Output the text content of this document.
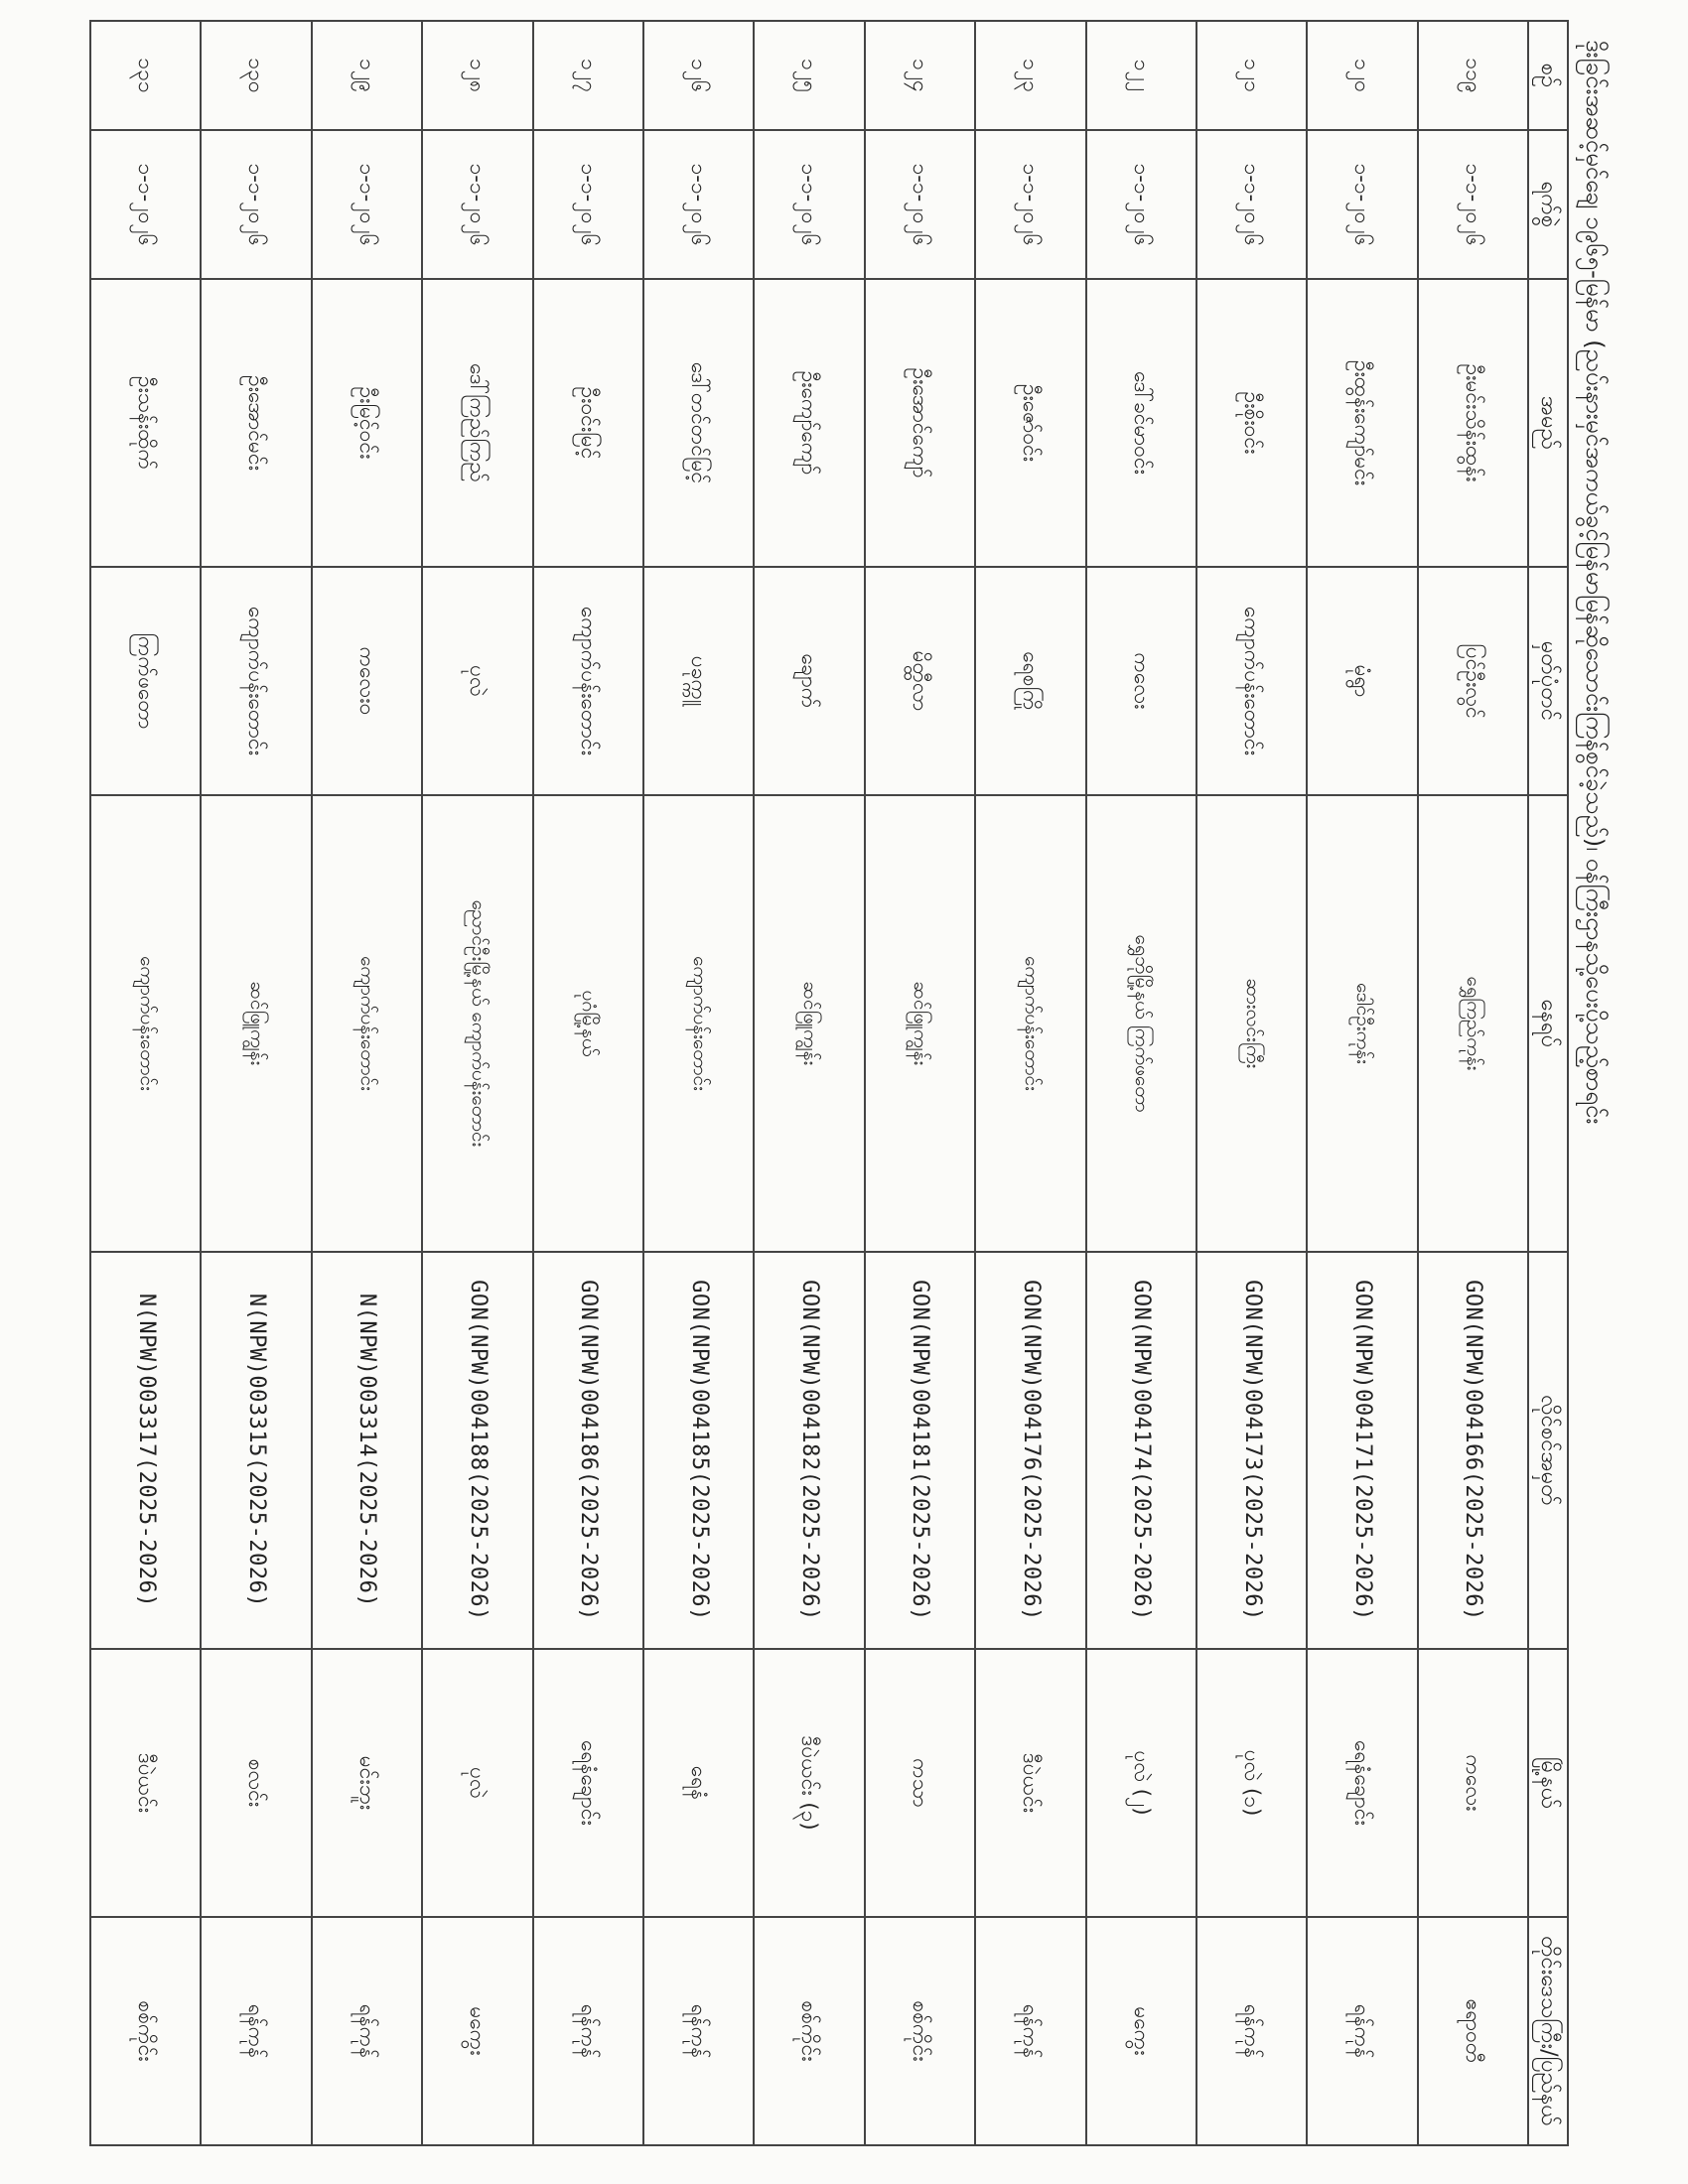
ဒိုးခြင်းအဆင့်မှင်ချေ ၁၉၆၅-မြန်မာ (ညပ်းနားမှင်အကယ်ခွင့်မြန်မာမြန်ဆိုသောင်းကြန်စွင်ခဲ့သည်)၊ ဝန်ကြီးဌာနသို့ပေးပို့သည့်စာရင်း
စဉ်	ရက်စွဲ	အမည်	မှတ်ပုံတင်	နေရပ်	လိုင်စင်အမှတ်	မြို့နယ်	တိုင်းဒေသကြီး/ပြည်နယ်
၁၁၉	၁-၁-၂၀၂၆	ဦးမင်းသိန်းထွန်း	ပြင်ဦးလွင်	ရွှေကြည်ကုန်း	GON(NPW)00416​6(2025-2026)	ကလေး	ဧရာဝတီ
၁၂၀	၁-၁-၂၀၂၆	ဦးထွန်းကျော်မင်း	မုံရွာ	ဒေါင်ဦးကုန်း	GON(NPW)004171(2025-2026)	ရေနံချောင်း	ရန်ကုန်
၁၂၁	၁-၁-၂၀၂၆	ဦးစိုးဝင်း	ကျောက်ပန်းတောင်း	ဆားလင်းကြီး	GON(NPW)004173(2025-2026)	ပုလဲ (၁)	ရန်ကုန်
၁၂၂	၁-၁-၂၀၂၆	ဒေါ်ခင်မာဝင်း	ကလေး	ရွှေဘိုမြို့နယ် ကြက်ဖတော	GON(NPW)004174(2025-2026)	ပုလဲ (၂)	မကွေး
၁၂၃	၁-၁-၂၀၂၆	ဦးဇော်ဝင်း	ရေစကြို	ကျောက်ပန်းတောင်း	GON(NPW)004176(2025-2026)	ဒီပဲယင်း	ရန်ကုန်
၁၂၄	၁-၁-၂၀၂၆	ဦးအောင်ကျော်	မိတ္ထီလာ	ဆင်ဖြူကျွန်း	GON(NPW)004181(2025-2026)	ကသာ	စစ်ကိုင်း
၁၂၅	၁-၁-၂၀၂၆	ဦးကျော်ကျော်	ချောက်	ဆင်ဖြူကျွန်း	GON(NPW)004182(2025-2026)	ဒီပဲယင်း (၃)	စစ်ကိုင်း
၁၂၆	၁-၁-၂၀၂၆	ဒေါ်တင်တင်မြင့်	ပခုက္ကူ	ကျောက်ပန်းတောင်း	GON(NPW)004185(2025-2026)	ရေနံ	ရန်ကုန်
၁၂၇	၁-၁-၂၀၂၆	ဦးဝင်းမြင့်	ကျောက်ပန်းတောင်း	ပုဂံမြို့နယ်	GON(NPW)004186(2025-2026)	ရေနံချောင်း	ရန်ကုန်
၁၂၈	၁-၁-၂၀၂၆	ဒေါ်ကြည်ကြည်	ပုလဲ	ညောင်ဦးမြို့နယ် ကျောက်ပန်းတောင်း	GON(NPW)004188(2025-2026)	ပုလဲ	မကွေး
၁၂၉	၁-၁-၂၀၂၆	ဦးမြင့်ဝင်း	ကလေးဝ	ကျောက်ပန်းတောင်း	N(NPW)003314(2025-2026)	မင်းဘူး	ရန်ကုန်
၁၃၀	၁-၁-၂၀၂၆	ဦးအောင်မင်း	ကျောက်ပန်းတောင်း	ဆင်ဖြူကျွန်း	N(NPW)003315(2025-2026)	စလင်း	ရန်ကုန်
၁၃၁	၁-၁-၂၀၂၆	ဦးသန်းထိုက်	ကြက်ဖတော	ကျောက်ပန်းတောင်း	N(NPW)003317(2025-2026)	ဒီပဲယင်း	စစ်ကိုင်း
